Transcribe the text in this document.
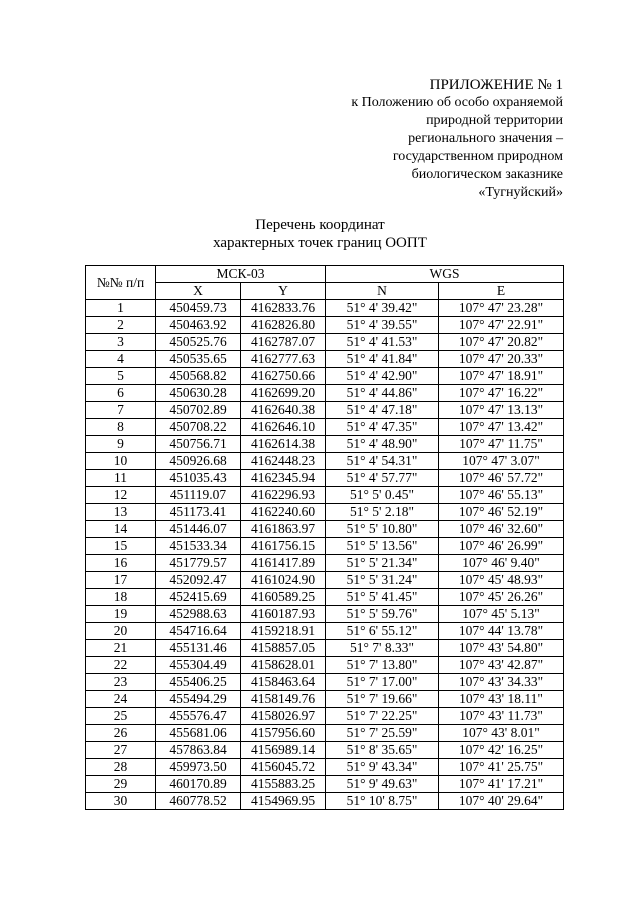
ПРИЛОЖЕНИЕ № 1
к Положению об особо охраняемой
природной территории
регионального значения –
государственном природном
биологическом заказнике
«Тугнуйский»
Перечень координат
характерных точек границ ООПТ
№№ п/п	МСК-03		WGS	
	X	Y	N	E
1	450459.73	4162833.76	51° 4' 39.42"	107° 47' 23.28"
2	450463.92	4162826.80	51° 4' 39.55"	107° 47' 22.91"
3	450525.76	4162787.07	51° 4' 41.53"	107° 47' 20.82"
4	450535.65	4162777.63	51° 4' 41.84"	107° 47' 20.33"
5	450568.82	4162750.66	51° 4' 42.90"	107° 47' 18.91"
6	450630.28	4162699.20	51° 4' 44.86"	107° 47' 16.22"
7	450702.89	4162640.38	51° 4' 47.18"	107° 47' 13.13"
8	450708.22	4162646.10	51° 4' 47.35"	107° 47' 13.42"
9	450756.71	4162614.38	51° 4' 48.90"	107° 47' 11.75"
10	450926.68	4162448.23	51° 4' 54.31"	107° 47' 3.07"
11	451035.43	4162345.94	51° 4' 57.77"	107° 46' 57.72"
12	451119.07	4162296.93	51° 5' 0.45"	107° 46' 55.13"
13	451173.41	4162240.60	51° 5' 2.18"	107° 46' 52.19"
14	451446.07	4161863.97	51° 5' 10.80"	107° 46' 32.60"
15	451533.34	4161756.15	51° 5' 13.56"	107° 46' 26.99"
16	451779.57	4161417.89	51° 5' 21.34"	107° 46' 9.40"
17	452092.47	4161024.90	51° 5' 31.24"	107° 45' 48.93"
18	452415.69	4160589.25	51° 5' 41.45"	107° 45' 26.26"
19	452988.63	4160187.93	51° 5' 59.76"	107° 45' 5.13"
20	454716.64	4159218.91	51° 6' 55.12"	107° 44' 13.78"
21	455131.46	4158857.05	51° 7' 8.33"	107° 43' 54.80"
22	455304.49	4158628.01	51° 7' 13.80"	107° 43' 42.87"
23	455406.25	4158463.64	51° 7' 17.00"	107° 43' 34.33"
24	455494.29	4158149.76	51° 7' 19.66"	107° 43' 18.11"
25	455576.47	4158026.97	51° 7' 22.25"	107° 43' 11.73"
26	455681.06	4157956.60	51° 7' 25.59"	107° 43' 8.01"
27	457863.84	4156989.14	51° 8' 35.65"	107° 42' 16.25"
28	459973.50	4156045.72	51° 9' 43.34"	107° 41' 25.75"
29	460170.89	4155883.25	51° 9' 49.63"	107° 41' 17.21"
30	460778.52	4154969.95	51° 10' 8.75"	107° 40' 29.64"
